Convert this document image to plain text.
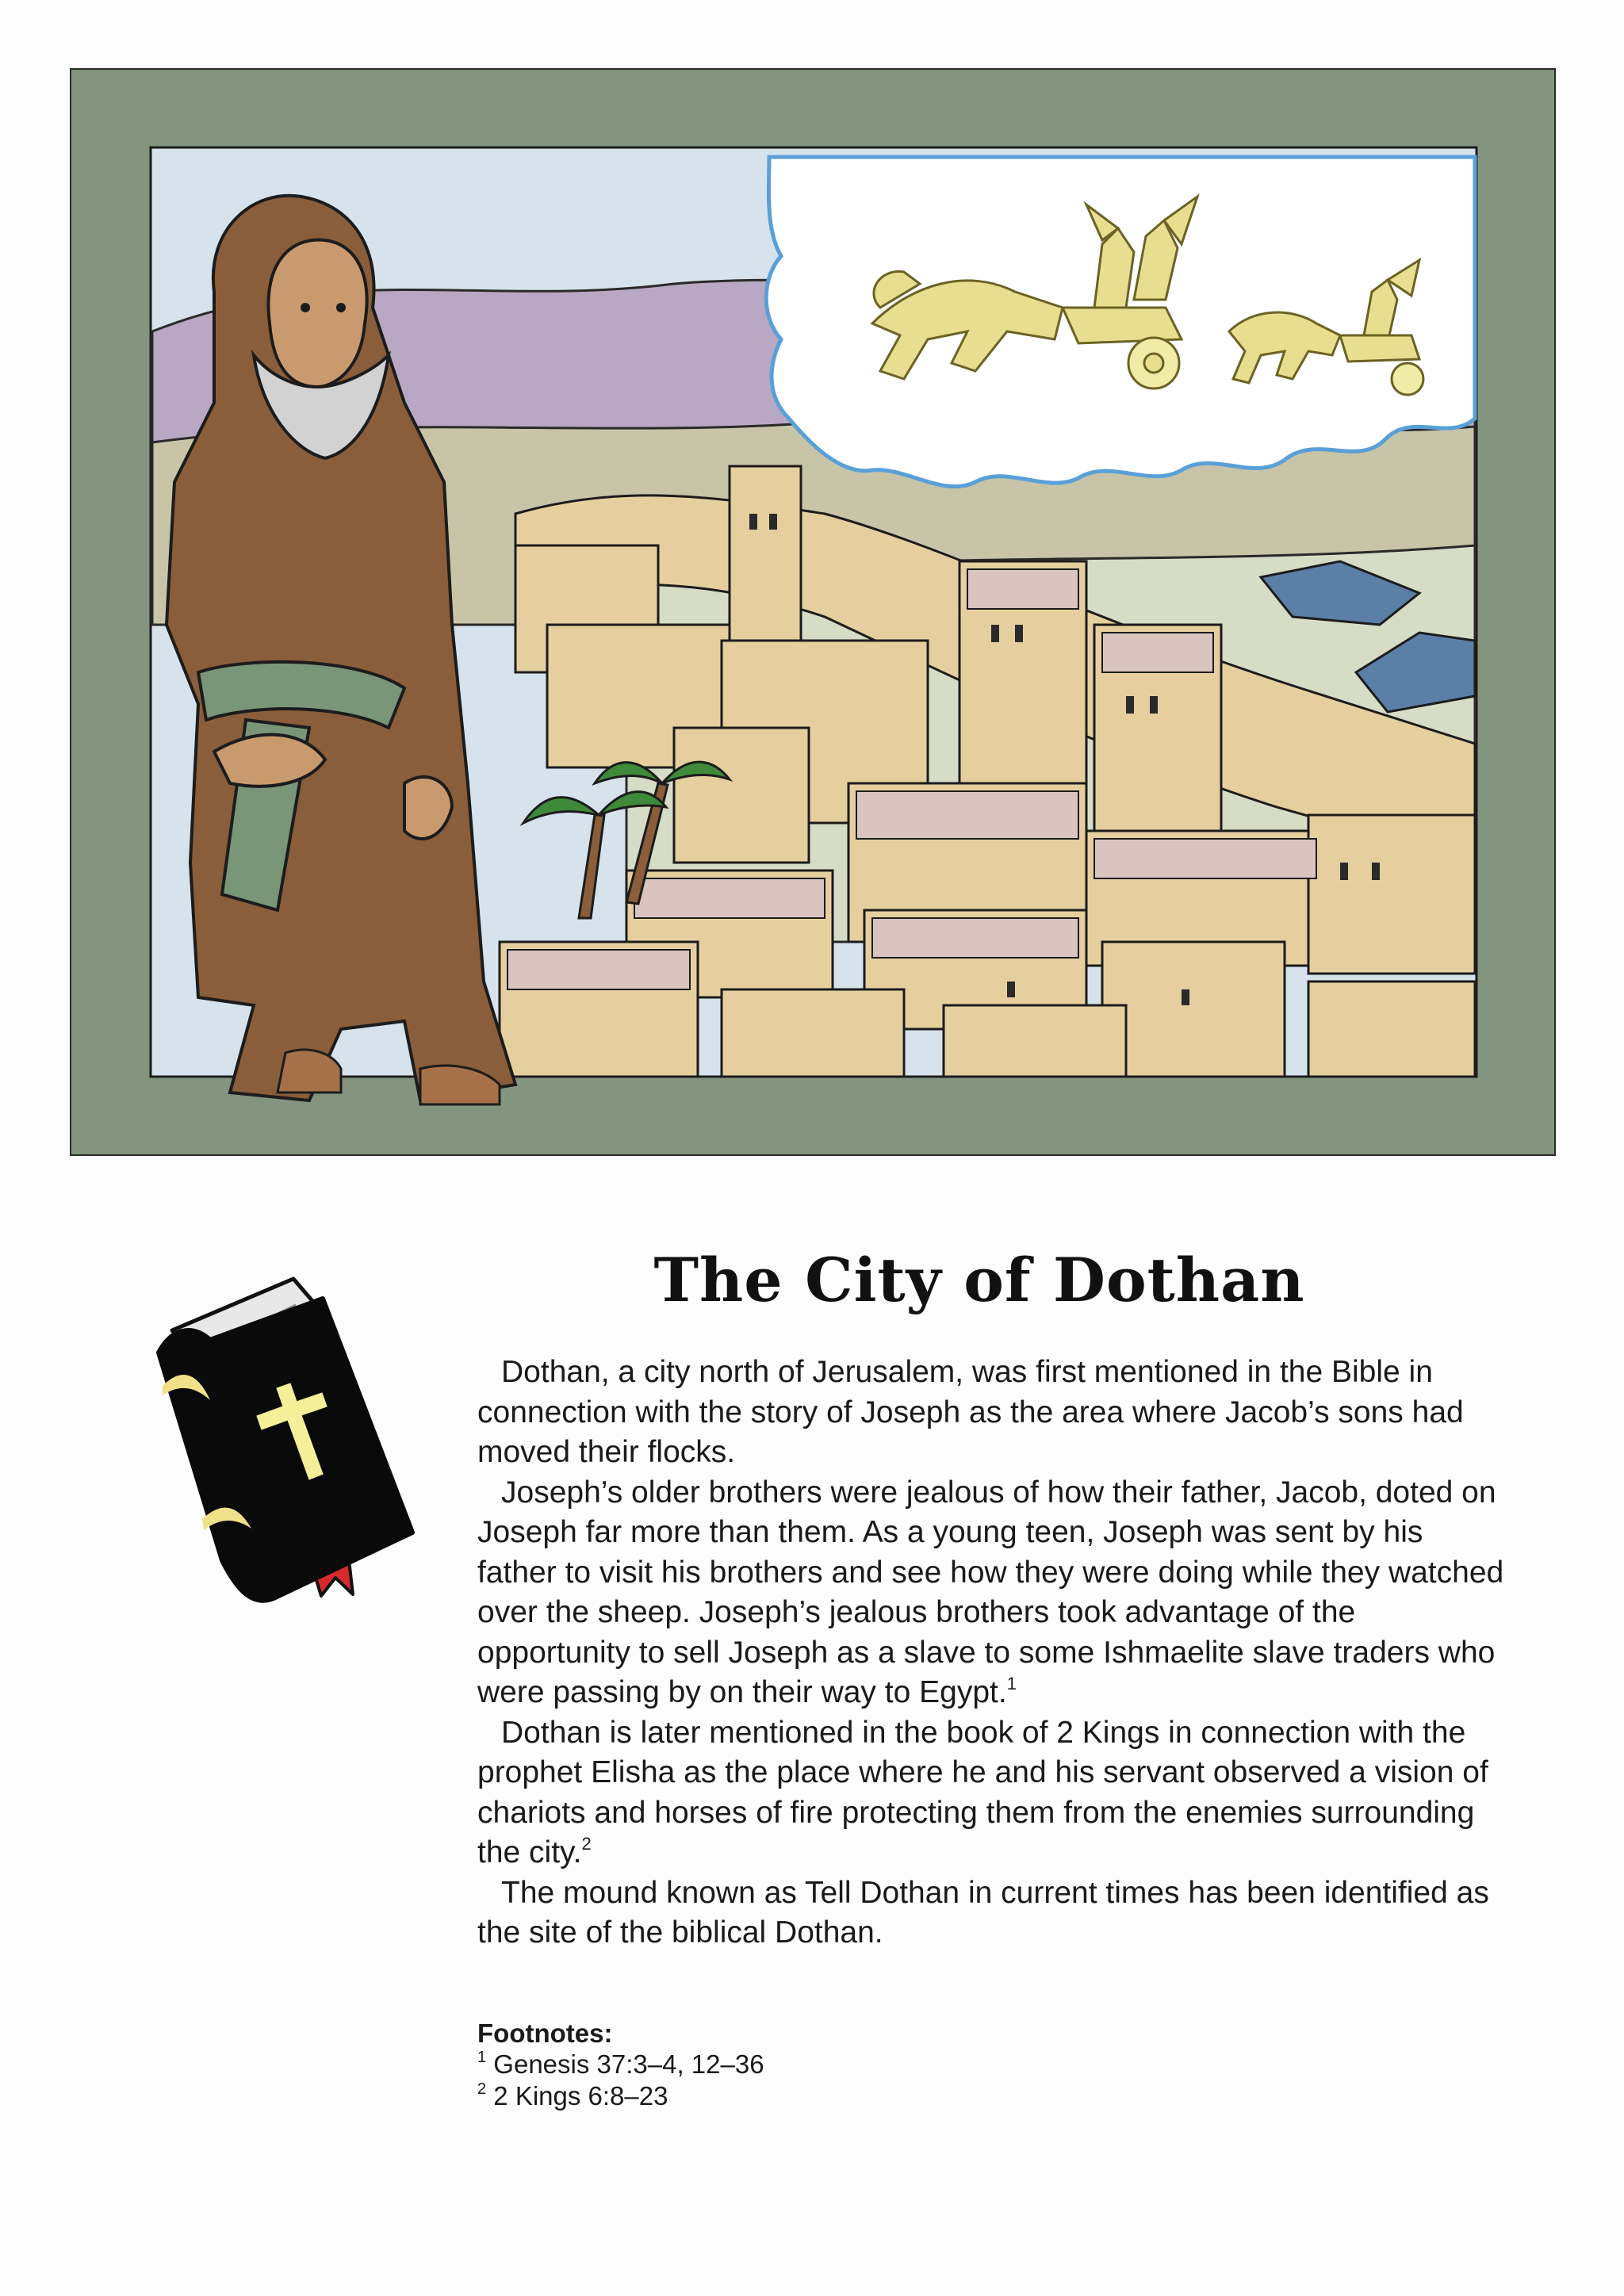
The City of Dothan

Dothan, a city north of Jerusalem, was first mentioned in the Bible in connection with the story of Joseph as the area where Jacob’s sons had moved their flocks.

Joseph’s older brothers were jealous of how their father, Jacob, doted on Joseph far more than them. As a young teen, Joseph was sent by his father to visit his brothers and see how they were doing while they watched over the sheep. Joseph’s jealous brothers took advantage of the opportunity to sell Joseph as a slave to some Ishmaelite slave traders who were passing by on their way to Egypt.$^1$

Dothan is later mentioned in the book of 2 Kings in connection with the prophet Elisha as the place where he and his servant observed a vision of chariots and horses of fire protecting them from the enemies surrounding the city.$^2$

The mound known as Tell Dothan in current times has been identified as the site of the biblical Dothan.

Footnotes:
$^1$ Genesis 37:3–4, 12–36
$^2$ 2 Kings 6:8–23
